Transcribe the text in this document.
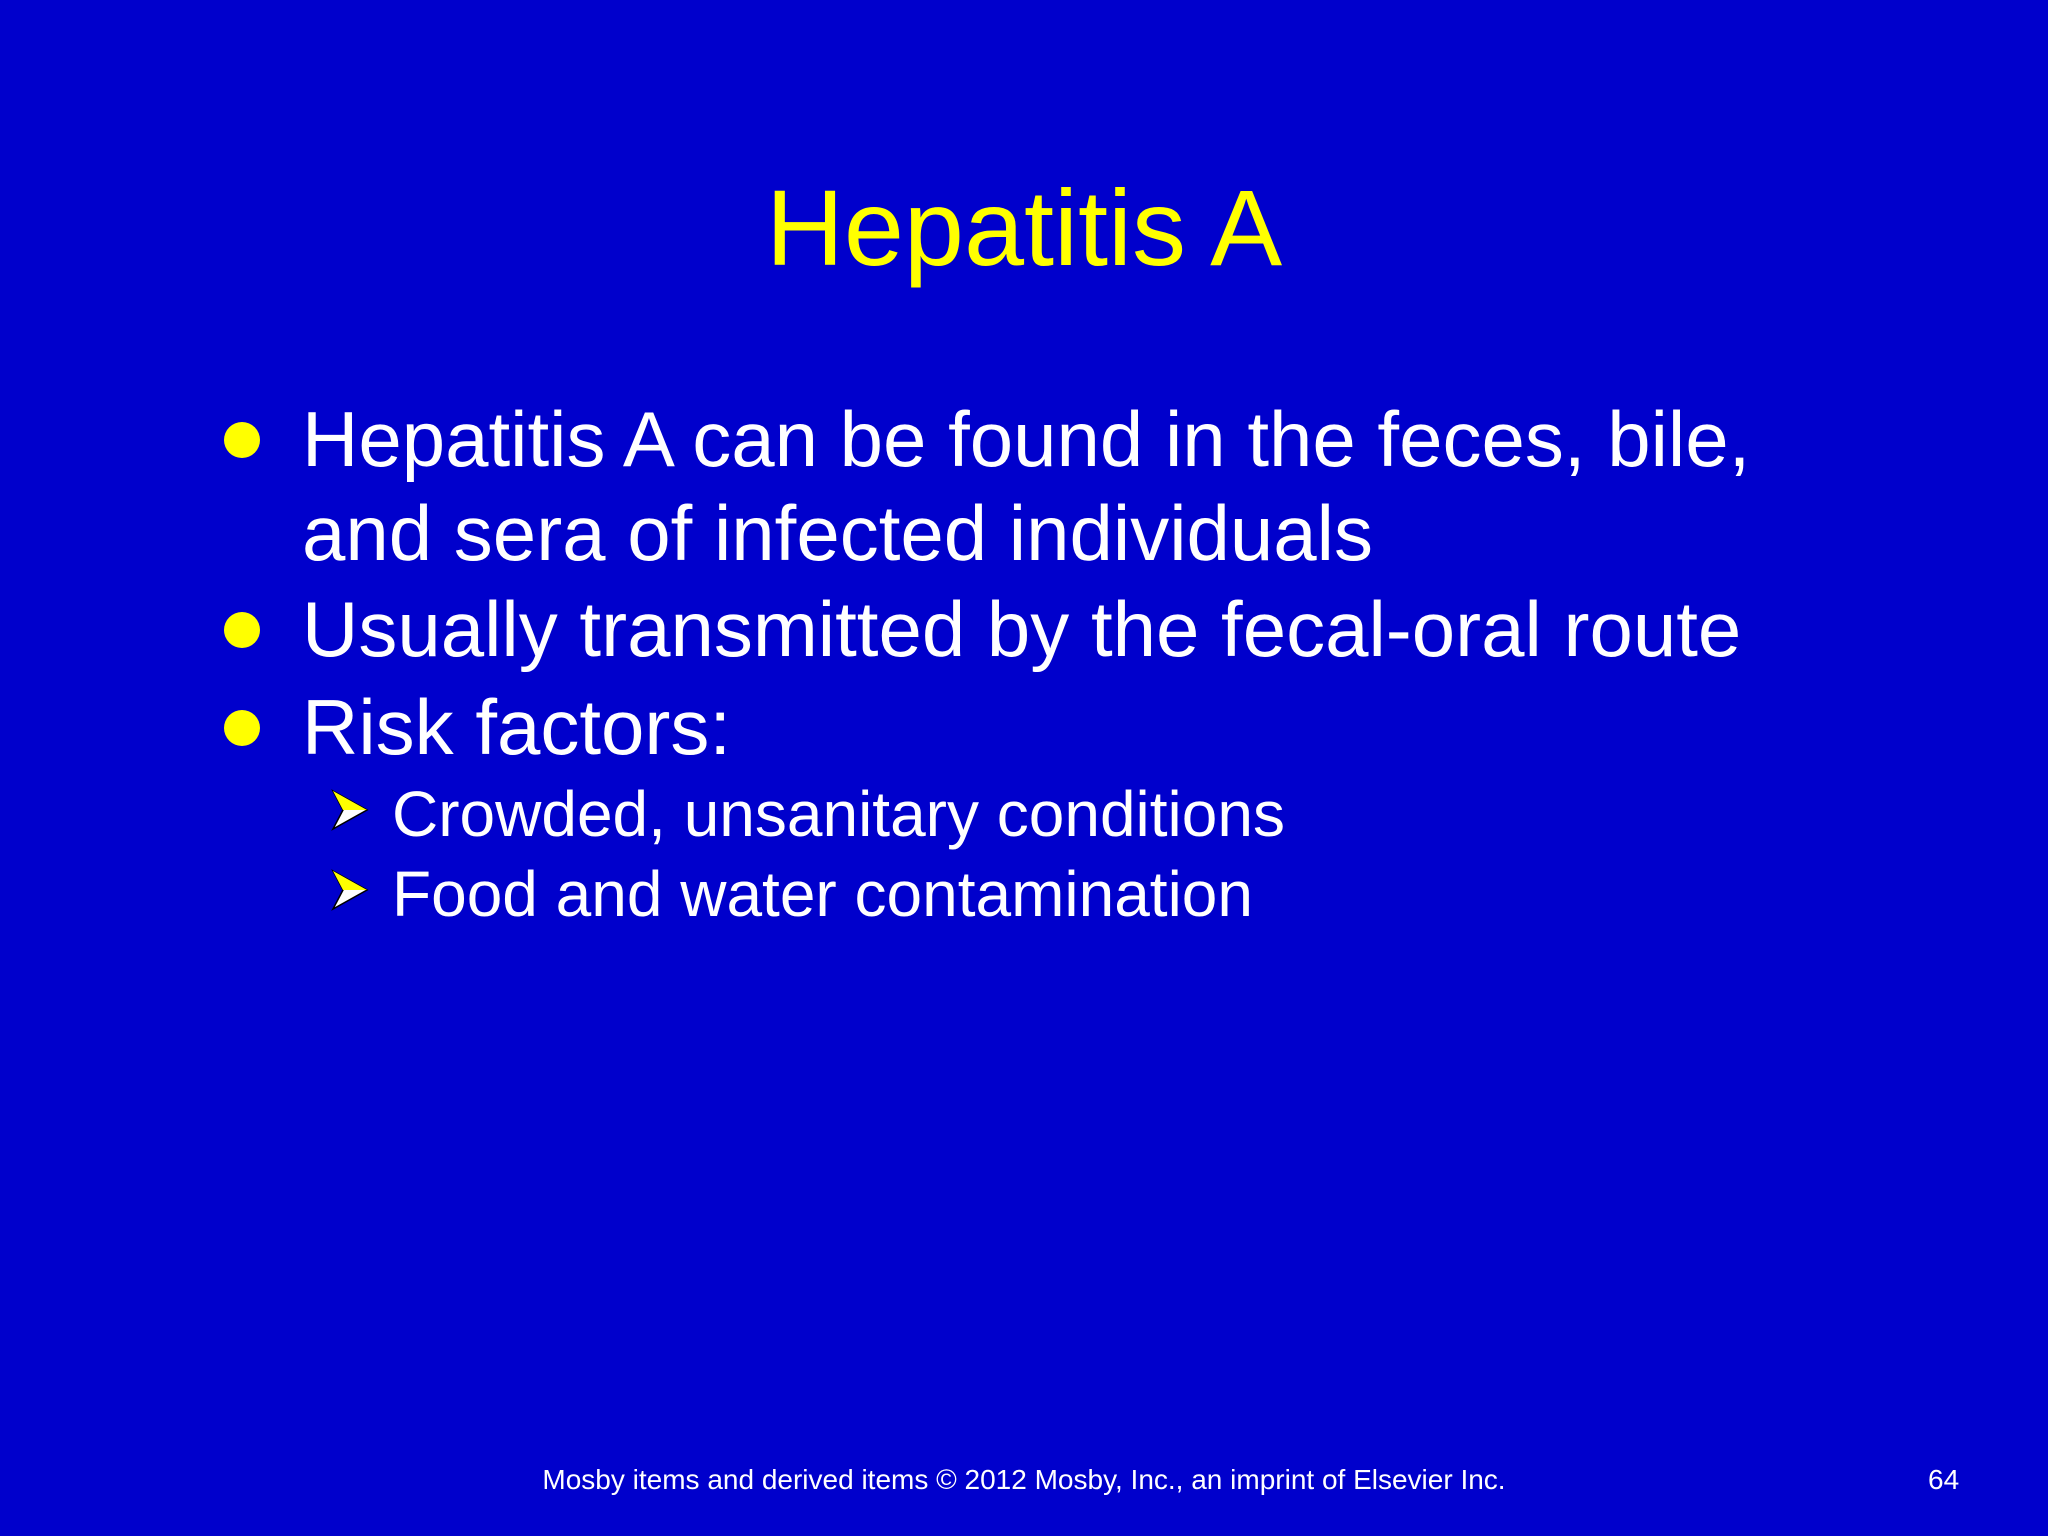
Hepatitis A
Hepatitis A can be found in the feces, bile, and sera of infected individuals
Usually transmitted by the fecal-oral route
Risk factors:
Crowded, unsanitary conditions
Food and water contamination
Mosby items and derived items © 2012 Mosby, Inc., an imprint of Elsevier Inc.	64
